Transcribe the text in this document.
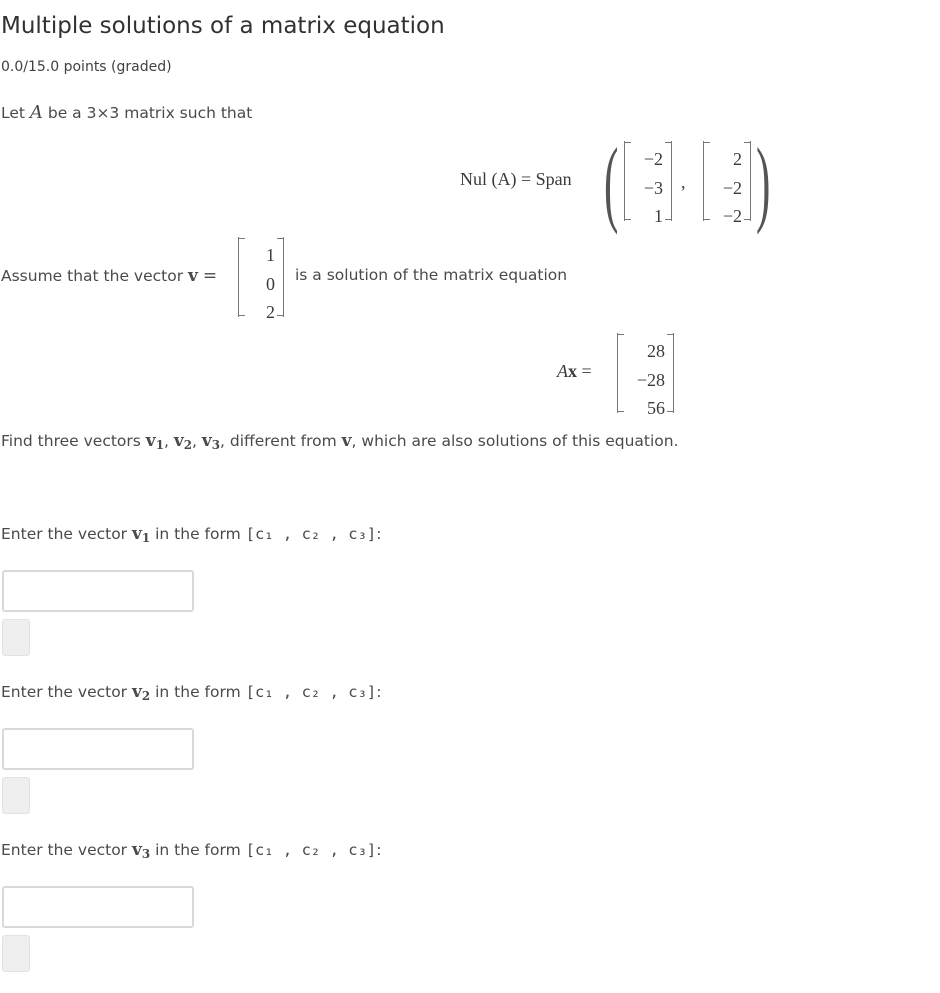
Multiple solutions of a matrix equation
0.0/15.0 points (graded)
Let A be a 3×3 matrix such that
Nul (A) = Span (	−2
−3
1
,
2
−2
−2 )
Assume that the vector v =
1
0
2
is a solution of the matrix equation
Ax =
28
−28
56
Find three vectors $v_1$, $v_2$, $v_3$, different from v, which are also solutions of this equation.
Enter the vector $v_1$ in the form [c₁ , c₂ , c₃]:
Enter the vector $v_2$ in the form [c₁ , c₂ , c₃]:
Enter the vector $v_3$ in the form [c₁ , c₂ , c₃]:
